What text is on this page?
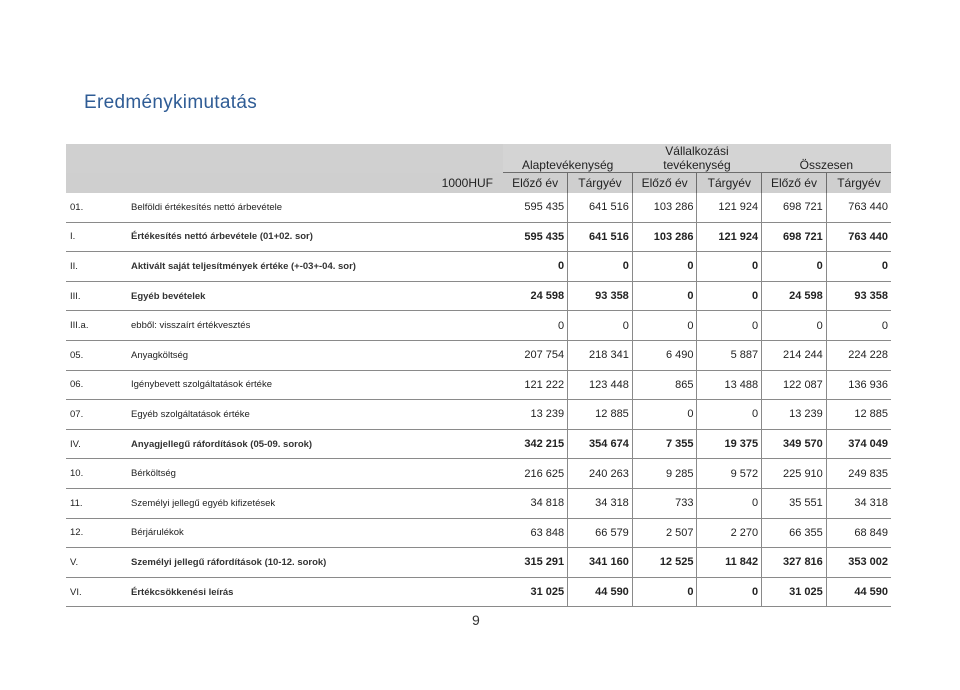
Eredménykimutatás
		Alaptevékenység		Vállalkozási tevékenység		Összesen	
	1000HUF	Előző év	Tárgyév	Előző év	Tárgyév	Előző év	Tárgyév
01.	Belföldi értékesítés nettó árbevétele	595 435	641 516	103 286	121 924	698 721	763 440
I.	Értékesítés nettó árbevétele (01+02. sor)	595 435	641 516	103 286	121 924	698 721	763 440
II.	Aktivált saját teljesítmények értéke (+-03+-04. sor)	0	0	0	0	0	0
III.	Egyéb bevételek	24 598	93 358	0	0	24 598	93 358
III.a.	ebből: visszaírt értékvesztés	0	0	0	0	0	0
05.	Anyagköltség	207 754	218 341	6 490	5 887	214 244	224 228
06.	Igénybevett szolgáltatások értéke	121 222	123 448	865	13 488	122 087	136 936
07.	Egyéb szolgáltatások értéke	13 239	12 885	0	0	13 239	12 885
IV.	Anyagjellegű ráfordítások (05-09. sorok)	342 215	354 674	7 355	19 375	349 570	374 049
10.	Bérköltség	216 625	240 263	9 285	9 572	225 910	249 835
11.	Személyi jellegű egyéb kifizetések	34 818	34 318	733	0	35 551	34 318
12.	Bérjárulékok	63 848	66 579	2 507	2 270	66 355	68 849
V.	Személyi jellegű ráfordítások (10-12. sorok)	315 291	341 160	12 525	11 842	327 816	353 002
VI.	Értékcsökkenési leírás	31 025	44 590	0	0	31 025	44 590
9
